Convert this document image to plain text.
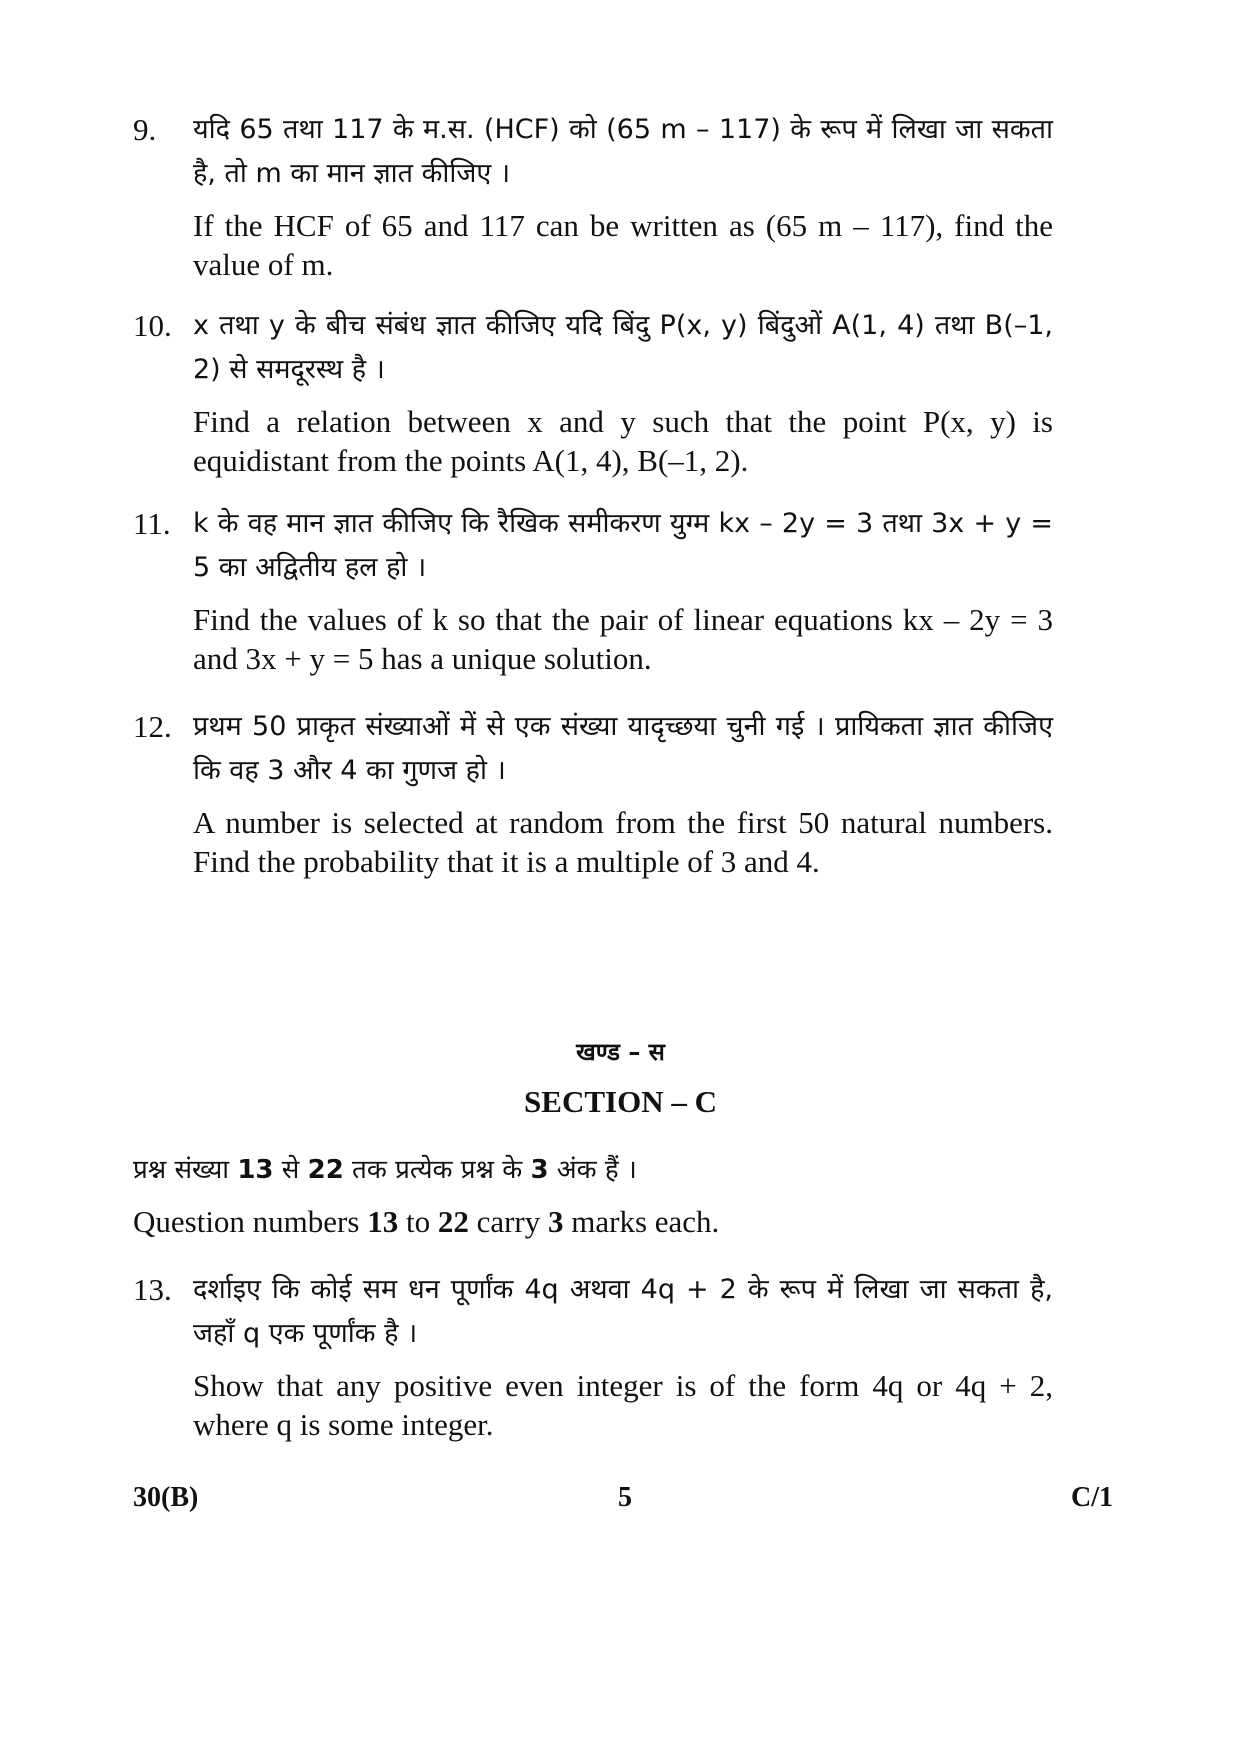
9. यदि 65 तथा 117 के म.स. (HCF) को (65 m – 117) के रूप में लिखा जा सकता है, तो m का मान ज्ञात कीजिए ।

If the HCF of 65 and 117 can be written as (65 m – 117), find the value of m.

10. x तथा y के बीच संबंध ज्ञात कीजिए यदि बिंदु P(x, y) बिंदुओं A(1, 4) तथा B(–1, 2) से समदूरस्थ है ।

Find a relation between x and y such that the point P(x, y) is equidistant from the points A(1, 4), B(–1, 2).

11. k के वह मान ज्ञात कीजिए कि रैखिक समीकरण युग्म kx – 2y = 3 तथा 3x + y = 5 का अद्वितीय हल हो ।

Find the values of k so that the pair of linear equations kx – 2y = 3 and 3x + y = 5 has a unique solution.

12. प्रथम 50 प्राकृत संख्याओं में से एक संख्या यादृच्छया चुनी गई । प्रायिकता ज्ञात कीजिए कि वह 3 और 4 का गुणज हो ।

A number is selected at random from the first 50 natural numbers. Find the probability that it is a multiple of 3 and 4.

खण्ड – स

SECTION – C

प्रश्न संख्या 13 से 22 तक प्रत्येक प्रश्न के 3 अंक हैं ।

Question numbers 13 to 22 carry 3 marks each.

13. दर्शाइए कि कोई सम धन पूर्णांक 4q अथवा 4q + 2 के रूप में लिखा जा सकता है, जहाँ q एक पूर्णांक है ।

Show that any positive even integer is of the form 4q or 4q + 2, where q is some integer.

30(B)	5	C/1
